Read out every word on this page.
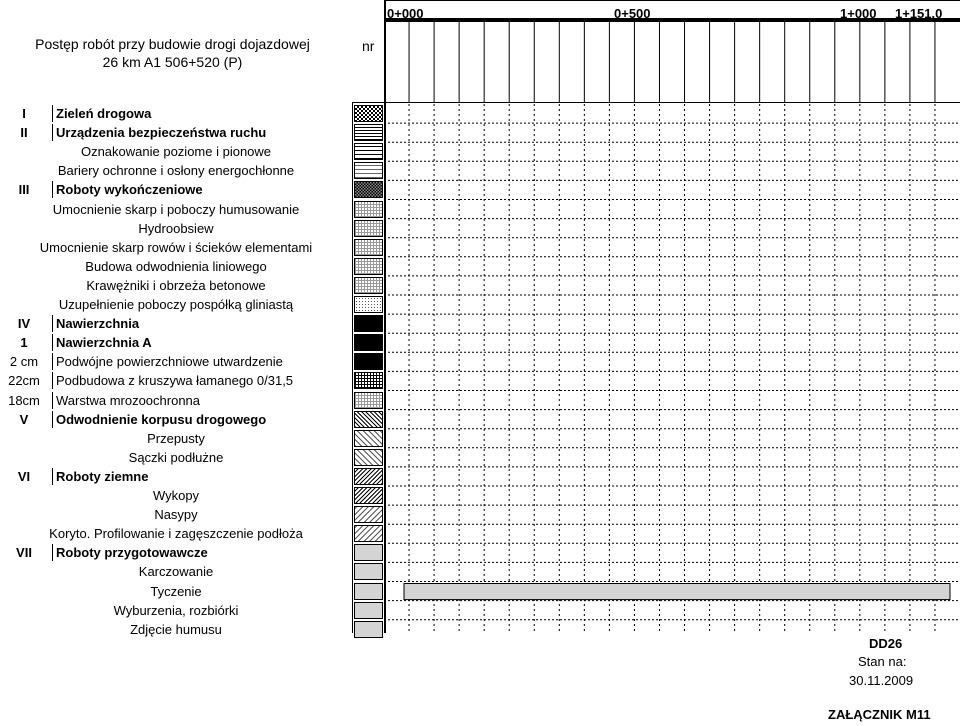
Postęp robót przy budowie drogi dojazdowej
26 km A1 506+520 (P)
nr
0+000	0+500	1+000 1+151.0
I	Zieleń drogowa
II	Urządzenia bezpieczeństwa ruchu
Oznakowanie poziome i pionowe
Bariery ochronne i osłony energochłonne
III	Roboty wykończeniowe
Umocnienie skarp i poboczy humusowanie
Hydroobsiew
Umocnienie skarp rowów i ścieków elementami
Budowa odwodnienia liniowego
Krawężniki i obrzeża betonowe
Uzupełnienie poboczy pospółką gliniastą
IV	Nawierzchnia
1	Nawierzchnia A
2 cm	Podwójne powierzchniowe utwardzenie
22cm	Podbudowa z kruszywa łamanego 0/31,5
18cm	Warstwa mrozoochronna
V	Odwodnienie korpusu drogowego
Przepusty
Sączki podłużne
VI	Roboty ziemne
Wykopy
Nasypy
Koryto. Profilowanie i zagęszczenie podłoża
VII	Roboty przygotowawcze
Karczowanie
Tyczenie
Wyburzenia, rozbiórki
Zdjęcie humusu
DD26
Stan na:
30.11.2009
ZAŁĄCZNIK M11
